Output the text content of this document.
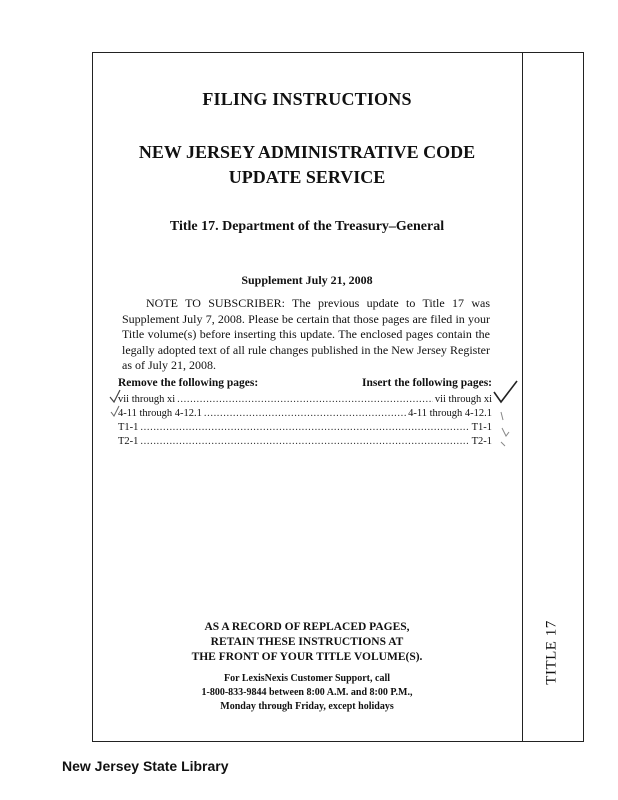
TITLE 17
FILING INSTRUCTIONS
NEW JERSEY ADMINISTRATIVE CODE
UPDATE SERVICE
Title 17. Department of the Treasury–General
Supplement July 21, 2008
NOTE TO SUBSCRIBER: The previous update to Title 17 was Supplement July 7, 2008. Please be certain that those pages are filed in your Title volume(s) before inserting this update. The enclosed pages contain the legally adopted text of all rule changes published in the New Jersey Register as of July 21, 2008.
Remove the following pages:	Insert the following pages:
vii through xi .....	vii through xi
4-11 through 4-12.1 .....	4-11 through 4-12.1
T1-1 .....	T1-1
T2-1 .....	T2-1
AS A RECORD OF REPLACED PAGES,
RETAIN THESE INSTRUCTIONS AT
THE FRONT OF YOUR TITLE VOLUME(S).
For LexisNexis Customer Support, call
1-800-833-9844 between 8:00 A.M. and 8:00 P.M.,
Monday through Friday, except holidays
New Jersey State Library
